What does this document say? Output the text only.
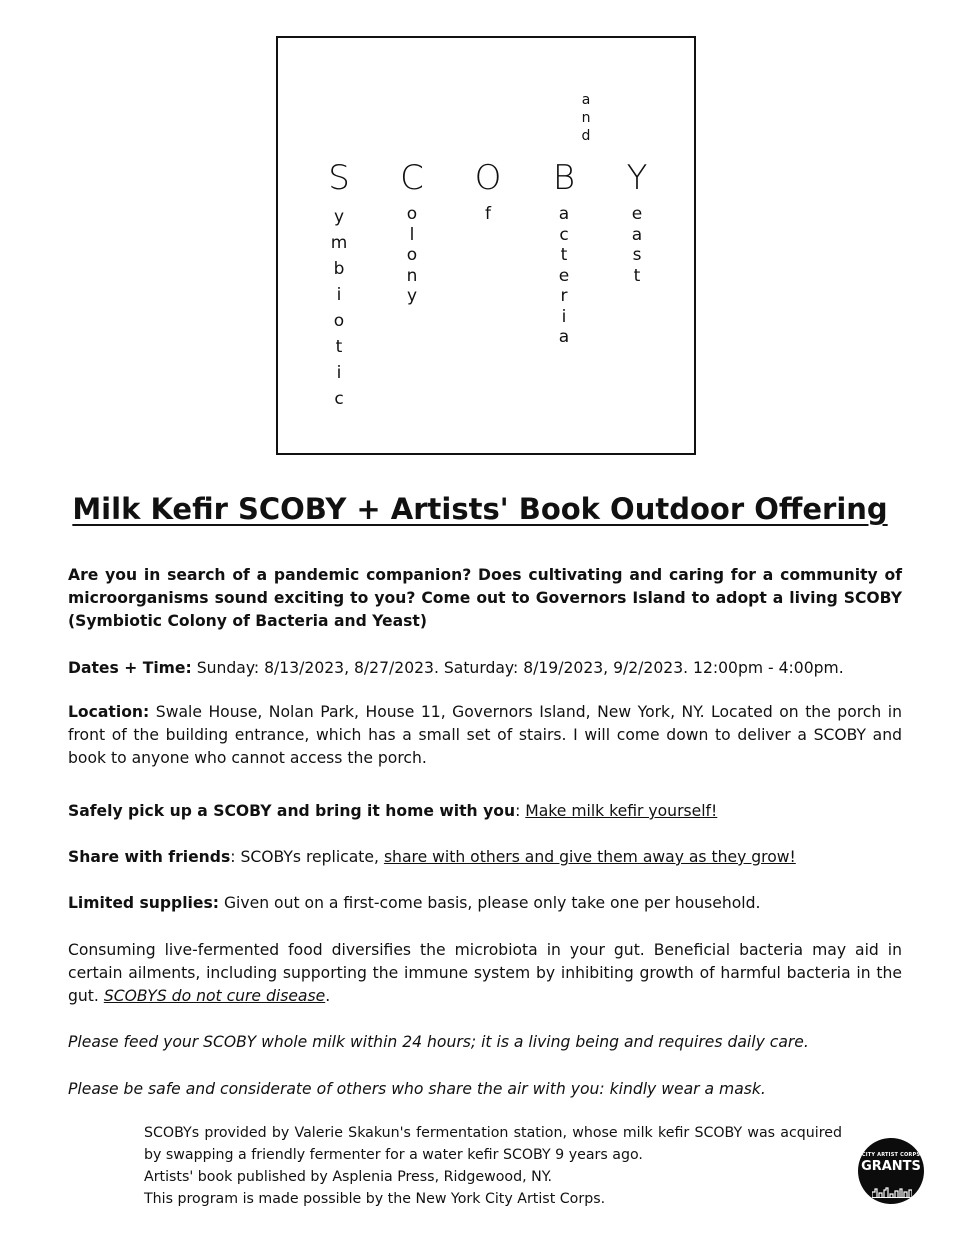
S
y
m
b
i
o
t
i
c
C
o
l
o
n
y
O
f
a
n
d
B
a
c
t
e
r
i
a
Y
e
a
s
t
Milk Kefir SCOBY + Artists' Book Outdoor Offering
Are you in search of a pandemic companion? Does cultivating and caring for a community of microorganisms sound exciting to you? Come out to Governors Island to adopt a living SCOBY (Symbiotic Colony of Bacteria and Yeast)
Dates + Time: Sunday: 8/13/2023, 8/27/2023. Saturday: 8/19/2023, 9/2/2023. 12:00pm - 4:00pm.
Location: Swale House, Nolan Park, House 11, Governors Island, New York, NY. Located on the porch in front of the building entrance, which has a small set of stairs. I will come down to deliver a SCOBY and book to anyone who cannot access the porch.
Safely pick up a SCOBY and bring it home with you: Make milk kefir yourself!
Share with friends: SCOBYs replicate, share with others and give them away as they grow!
Limited supplies: Given out on a first-come basis, please only take one per household.
Consuming live-fermented food diversifies the microbiota in your gut. Beneficial bacteria may aid in certain ailments, including supporting the immune system by inhibiting growth of harmful bacteria in the gut. SCOBYS do not cure disease.
Please feed your SCOBY whole milk within 24 hours; it is a living being and requires daily care.
Please be safe and considerate of others who share the air with you: kindly wear a mask.
SCOBYs provided by Valerie Skakun's fermentation station, whose milk kefir SCOBY was acquired by swapping a friendly fermenter for a water kefir SCOBY 9 years ago.
Artists' book published by Asplenia Press, Ridgewood, NY.
This program is made possible by the New York City Artist Corps.
CITY ARTIST CORPS
GRANTS
